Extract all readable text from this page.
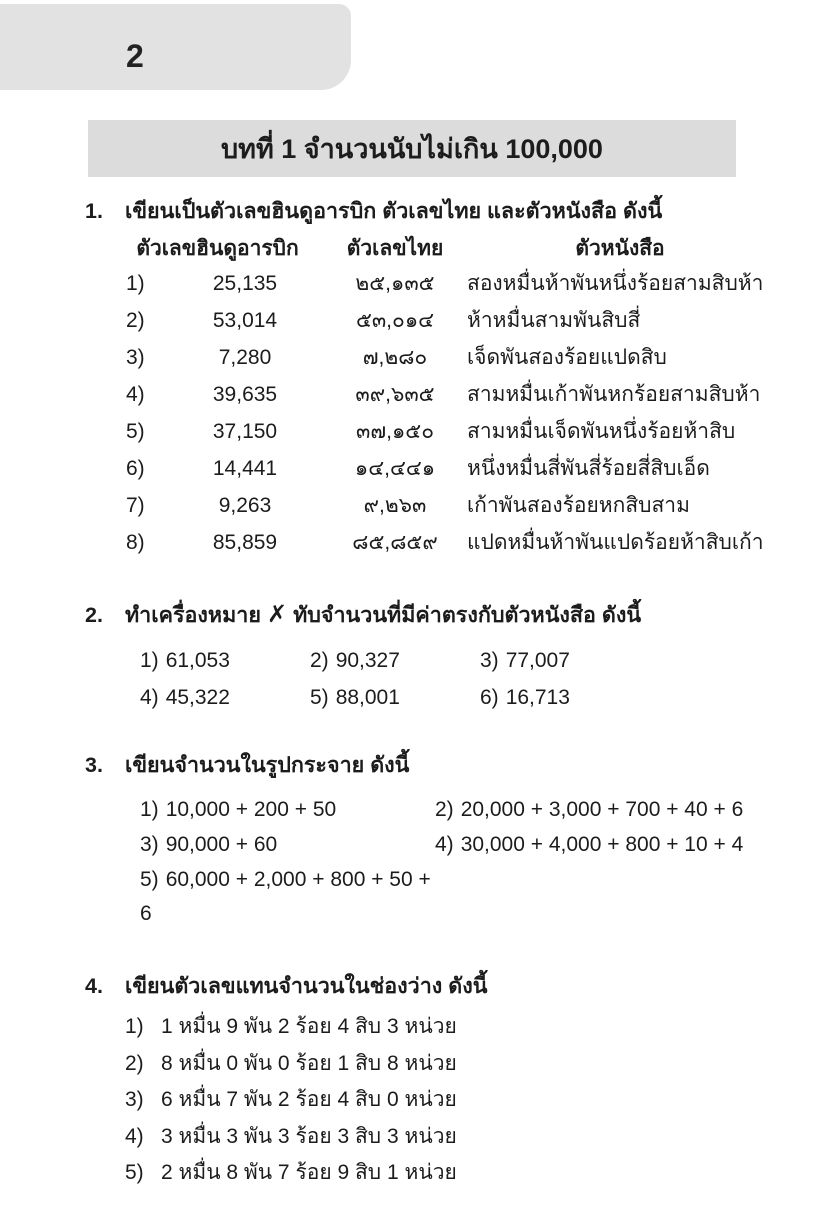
2
บทที่ 1 จำนวนนับไม่เกิน 100,000
1.	เขียนเป็นตัวเลขฮินดูอารบิก ตัวเลขไทย และตัวหนังสือ ดังนี้
ตัวเลขฮินดูอารบิก	ตัวเลขไทย	ตัวหนังสือ
1)	25,135	๒๕,๑๓๕	สองหมื่นห้าพันหนึ่งร้อยสามสิบห้า
2)	53,014	๕๓,๐๑๔	ห้าหมื่นสามพันสิบสี่
3)	7,280	๗,๒๘๐	เจ็ดพันสองร้อยแปดสิบ
4)	39,635	๓๙,๖๓๕	สามหมื่นเก้าพันหกร้อยสามสิบห้า
5)	37,150	๓๗,๑๕๐	สามหมื่นเจ็ดพันหนึ่งร้อยห้าสิบ
6)	14,441	๑๔,๔๔๑	หนึ่งหมื่นสี่พันสี่ร้อยสี่สิบเอ็ด
7)	9,263	๙,๒๖๓	เก้าพันสองร้อยหกสิบสาม
8)	85,859	๘๕,๘๕๙	แปดหมื่นห้าพันแปดร้อยห้าสิบเก้า
2.	ทำเครื่องหมาย ✗ ทับจำนวนที่มีค่าตรงกับตัวหนังสือ ดังนี้
1) 61,053	2) 90,327	3) 77,007
4) 45,322	5) 88,001	6) 16,713
3.	เขียนจำนวนในรูปกระจาย ดังนี้
1) 10,000 + 200 + 50	2) 20,000 + 3,000 + 700 + 40 + 6
3) 90,000 + 60	4) 30,000 + 4,000 + 800 + 10 + 4
5) 60,000 + 2,000 + 800 + 50 + 6
4.	เขียนตัวเลขแทนจำนวนในช่องว่าง ดังนี้
1) 1 หมื่น 9 พัน 2 ร้อย 4 สิบ 3 หน่วย
2) 8 หมื่น 0 พัน 0 ร้อย 1 สิบ 8 หน่วย
3) 6 หมื่น 7 พัน 2 ร้อย 4 สิบ 0 หน่วย
4) 3 หมื่น 3 พัน 3 ร้อย 3 สิบ 3 หน่วย
5) 2 หมื่น 8 พัน 7 ร้อย 9 สิบ 1 หน่วย
